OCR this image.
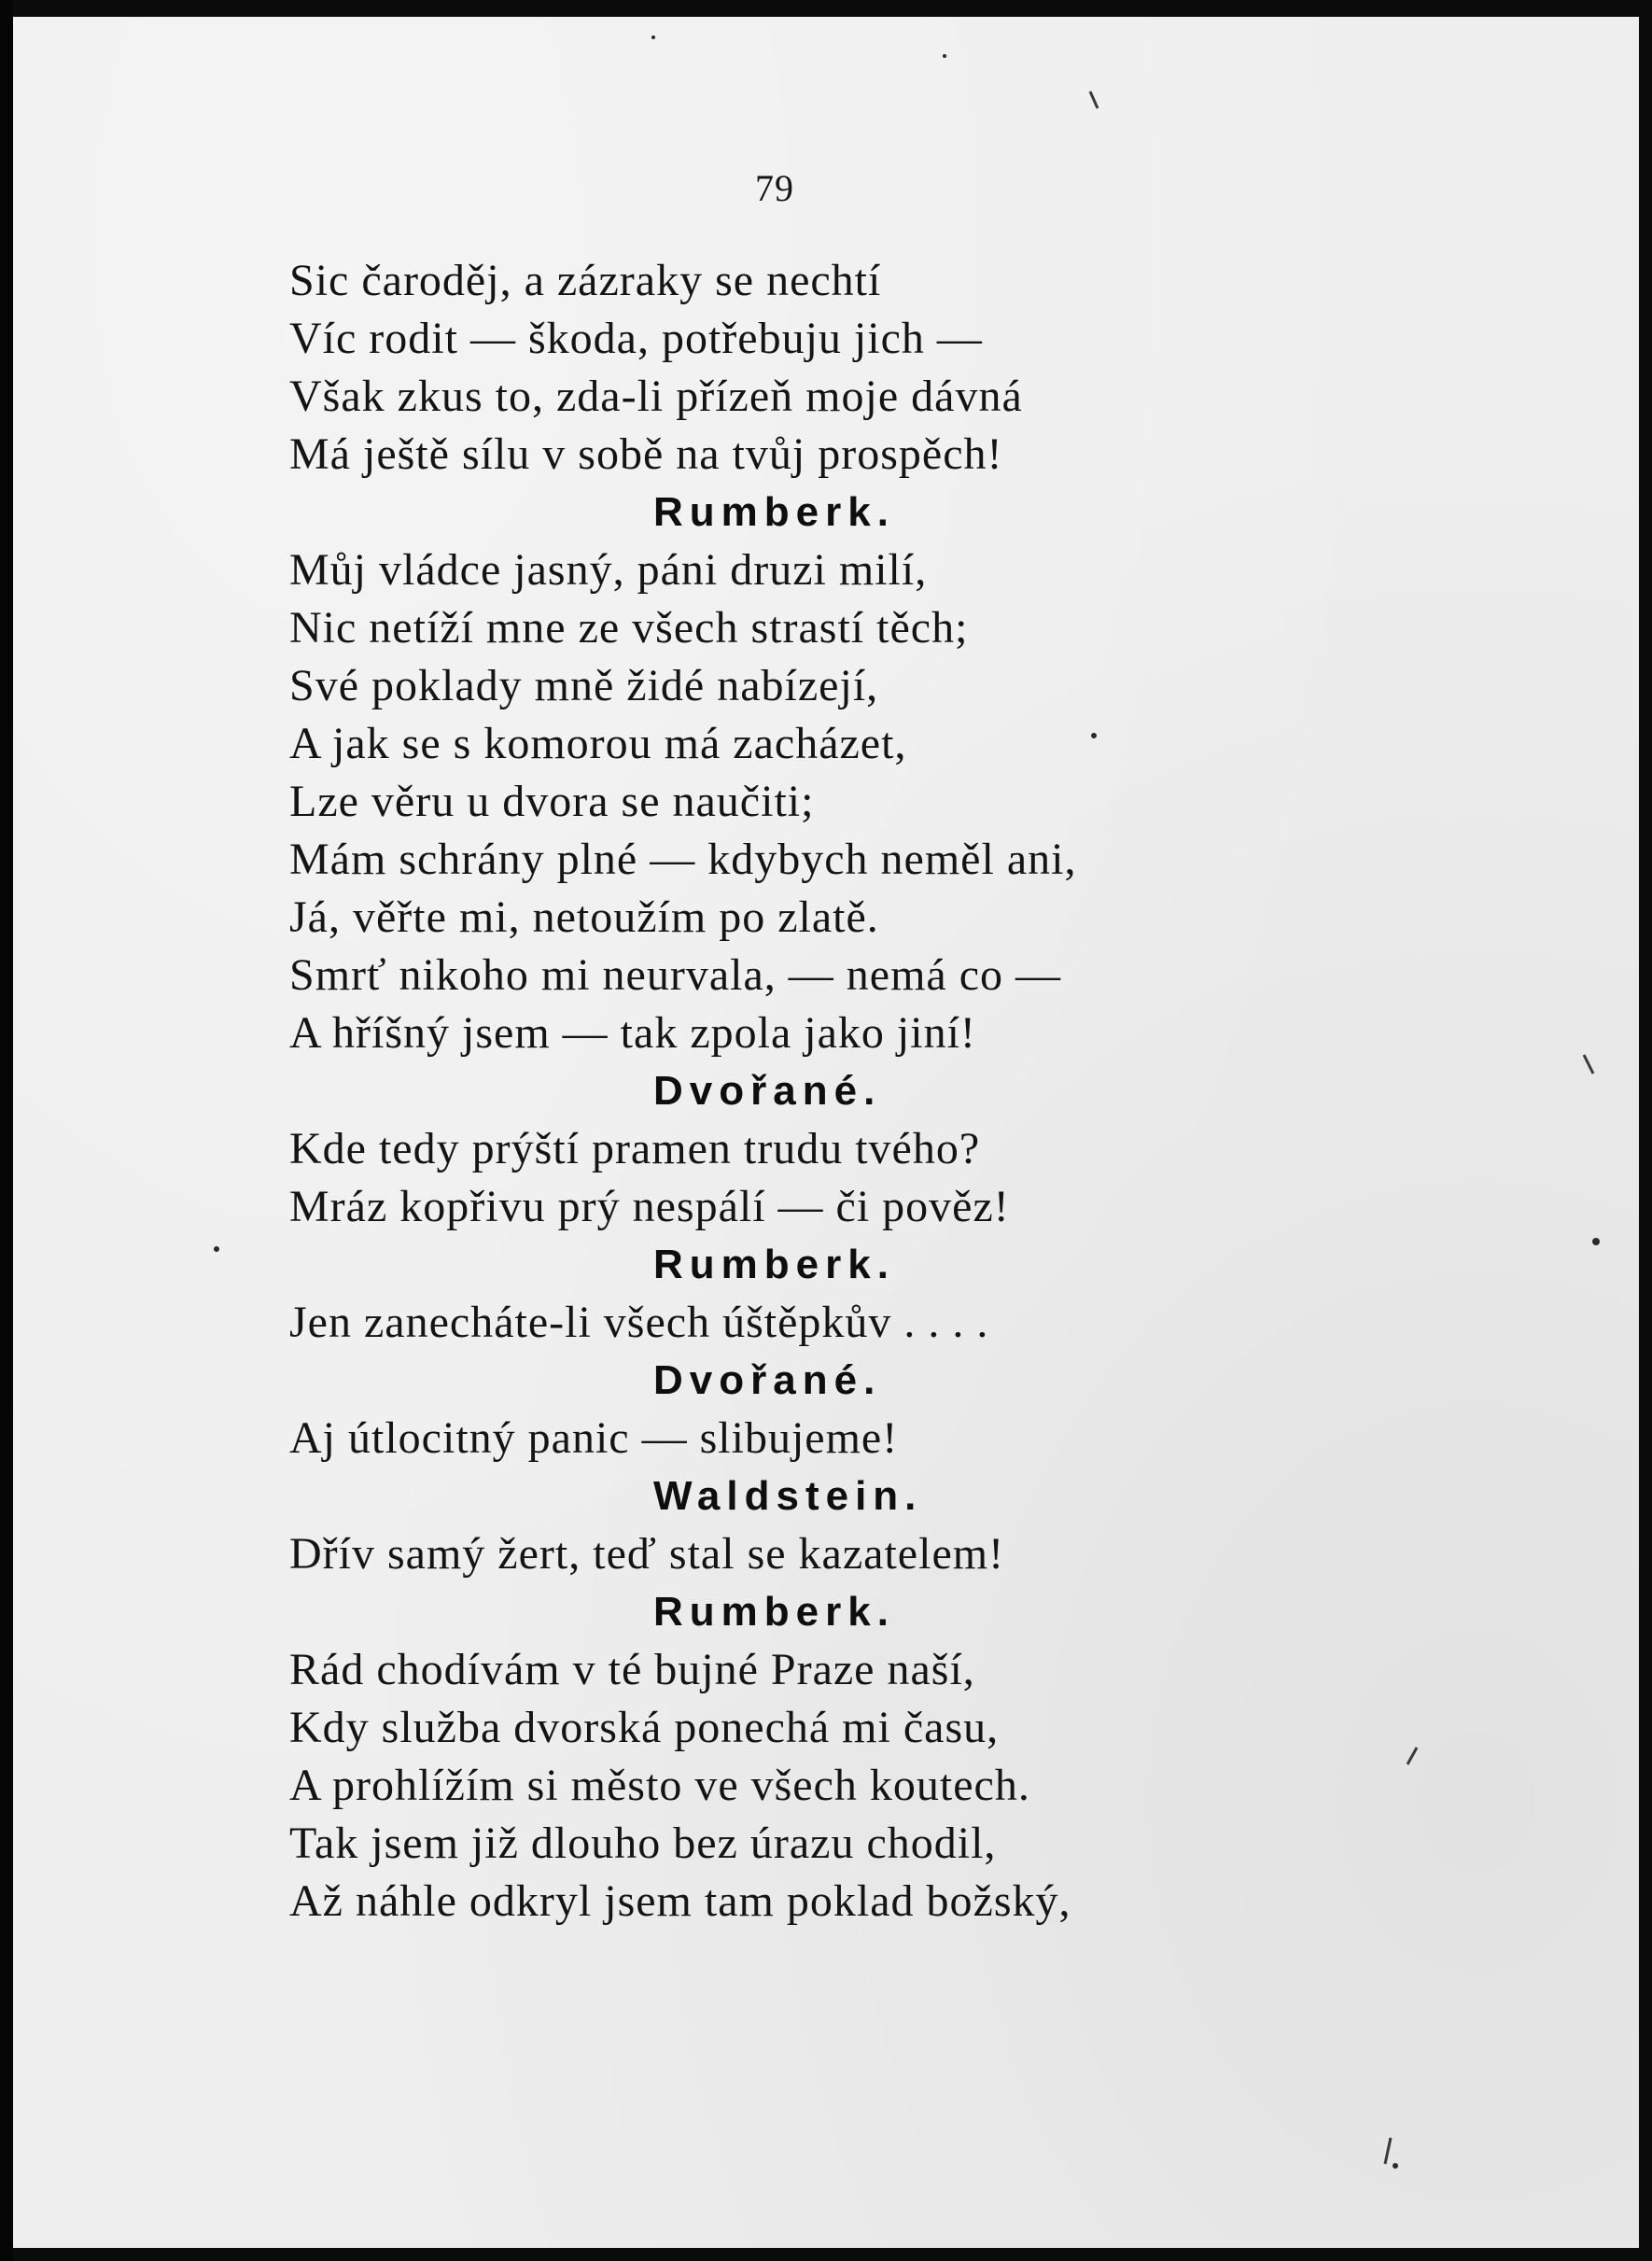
79
Sic čaroděj, a zázraky se nechtí
Víc rodit — škoda, potřebuju jich —
Však zkus to, zda-li přízeň moje dávná
Má ještě sílu v sobě na tvůj prospěch!
Rumberk.
Můj vládce jasný, páni druzi milí,
Nic netíží mne ze všech strastí těch;
Své poklady mně židé nabízejí,
A jak se s komorou má zacházet,
Lze věru u dvora se naučiti;
Mám schrány plné — kdybych neměl ani,
Já, věřte mi, netoužím po zlatě.
Smrť nikoho mi neurvala, — nemá co —
A hříšný jsem — tak zpola jako jiní!
Dvořané.
Kde tedy prýští pramen trudu tvého?
Mráz kopřivu prý nespálí — či pověz!
Rumberk.
Jen zanecháte-li všech úštěpkův . . . .
Dvořané.
Aj útlocitný panic — slibujeme!
Waldstein.
Dřív samý žert, teď stal se kazatelem!
Rumberk.
Rád chodívám v té bujné Praze naší,
Kdy služba dvorská ponechá mi času,
A prohlížím si město ve všech koutech.
Tak jsem již dlouho bez úrazu chodil,
Až náhle odkryl jsem tam poklad božský,
